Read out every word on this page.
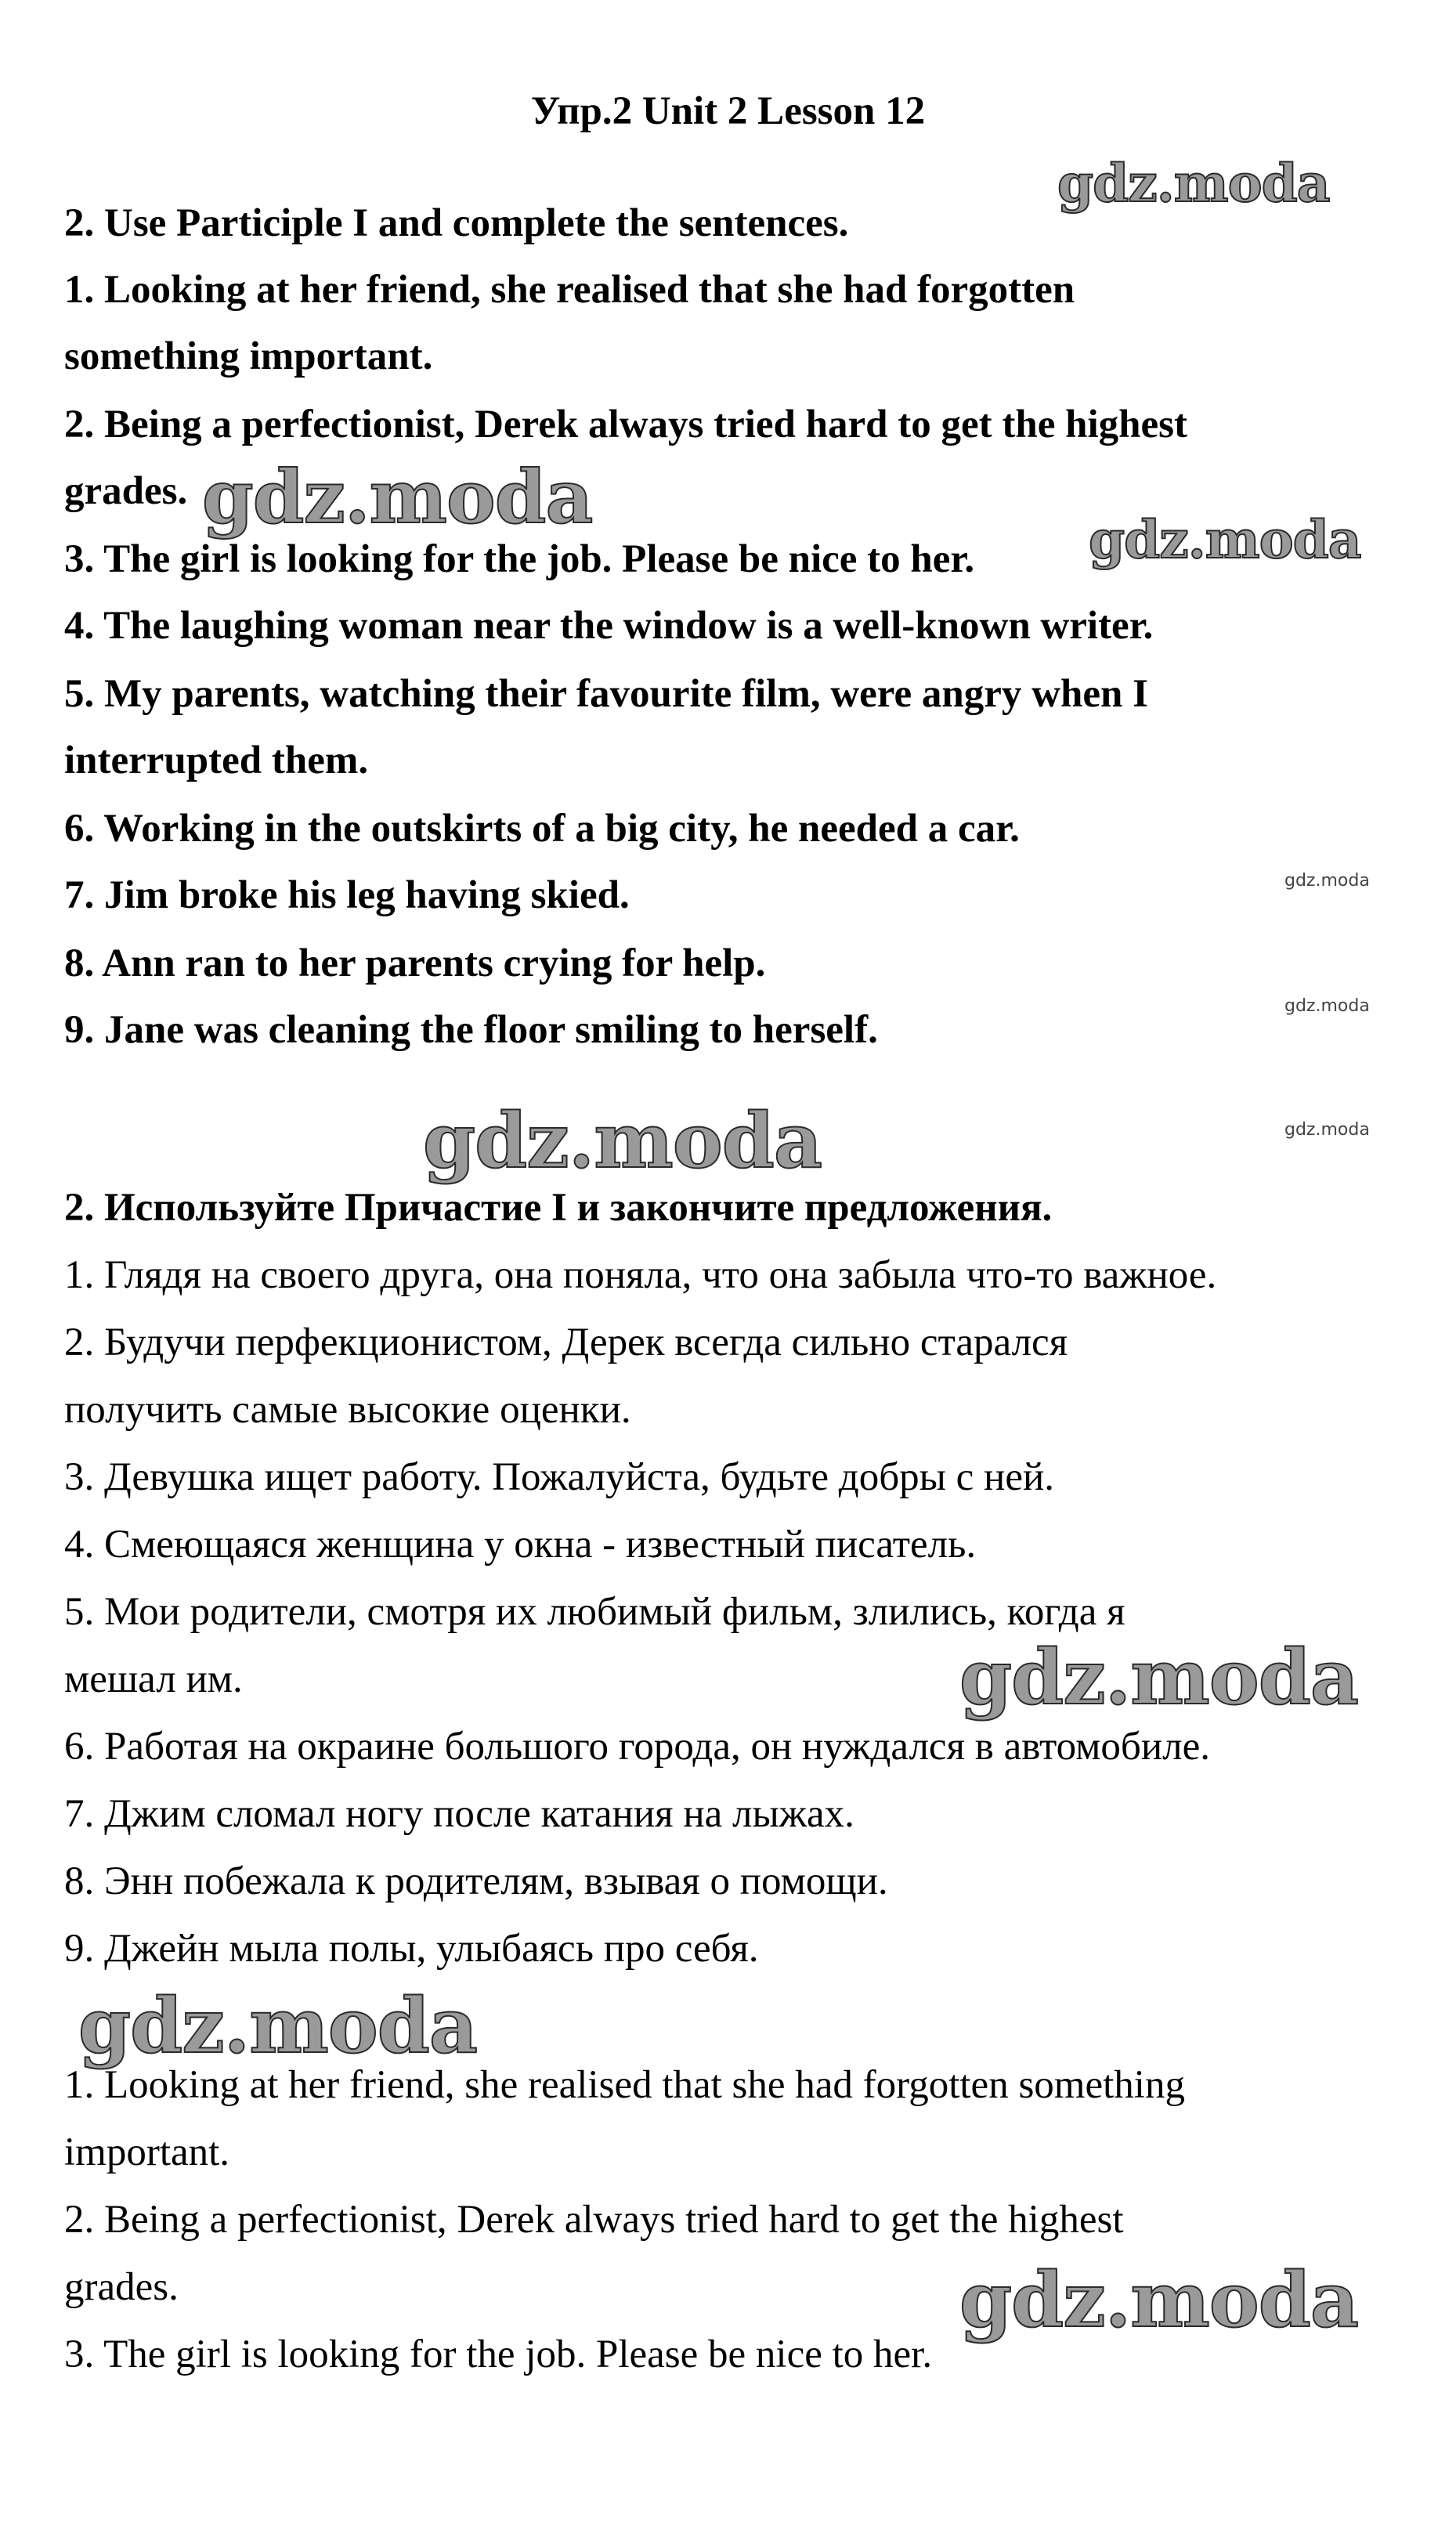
Упр.2 Unit 2 Lesson 12
2. Use Participle I and complete the sentences.
1. Looking at her friend, she realised that she had forgotten
something important.
2. Being a perfectionist, Derek always tried hard to get the highest
grades.
3. The girl is looking for the job. Please be nice to her.
4. The laughing woman near the window is a well-known writer.
5. My parents, watching their favourite film, were angry when I
interrupted them.
6. Working in the outskirts of a big city, he needed a car.
7. Jim broke his leg having skied.
8. Ann ran to her parents crying for help.
9. Jane was cleaning the floor smiling to herself.
2. Используйте Причастие I и закончите предложения.
1. Глядя на своего друга, она поняла, что она забыла что-то важное.
2. Будучи перфекционистом, Дерек всегда сильно старался
получить самые высокие оценки.
3. Девушка ищет работу. Пожалуйста, будьте добры с ней.
4. Смеющаяся женщина у окна - известный писатель.
5. Мои родители, смотря их любимый фильм, злились, когда я
мешал им.
6. Работая на окраине большого города, он нуждался в автомобиле.
7. Джим сломал ногу после катания на лыжах.
8. Энн побежала к родителям, взывая о помощи.
9. Джейн мыла полы, улыбаясь про себя.
1. Looking at her friend, she realised that she had forgotten something
important.
2. Being a perfectionist, Derek always tried hard to get the highest
grades.
3. The girl is looking for the job. Please be nice to her.
gdz.moda
gdz.moda	gdz.moda
gdz.moda
gdz.moda
gdz.moda	gdz.moda
gdz.moda
gdz.moda
gdz.moda
